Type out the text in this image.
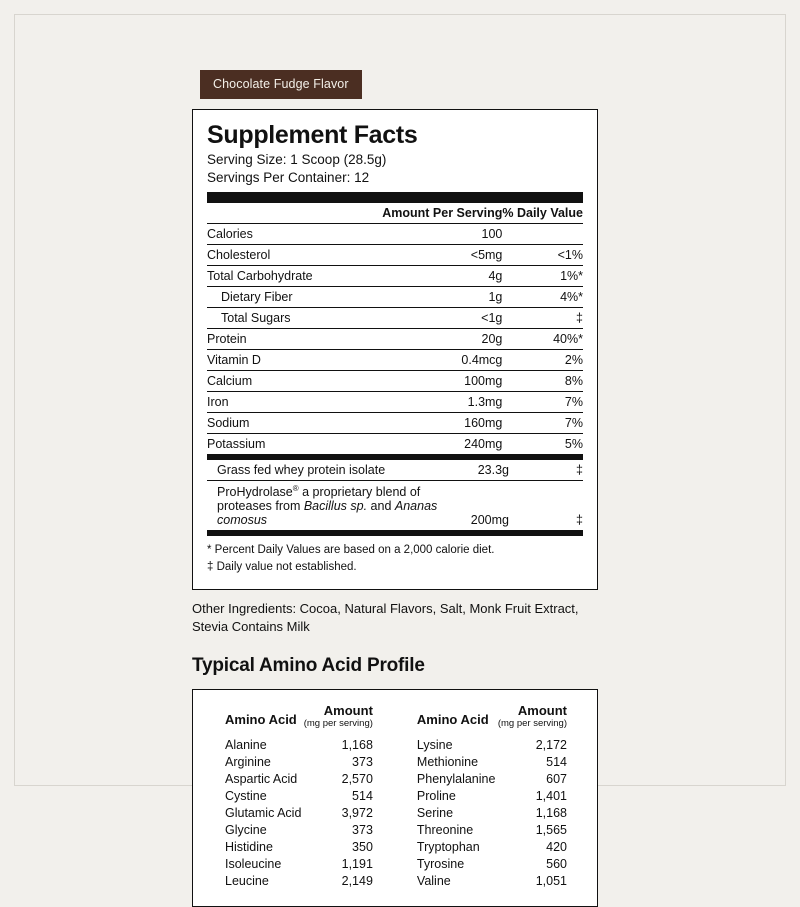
Chocolate Fudge Flavor
Supplement Facts
Serving Size: 1 Scoop (28.5g)
Servings Per Container: 12
	Amount Per Serving	% Daily Value
Calories	100	
Cholesterol	<5mg	<1%
Total Carbohydrate	4g	1%*
Dietary Fiber	1g	4%*
Total Sugars	<1g	‡
Protein	20g	40%*
Vitamin D	0.4mcg	2%
Calcium	100mg	8%
Iron	1.3mg	7%
Sodium	160mg	7%
Potassium	240mg	5%
Grass fed whey protein isolate	23.3g	‡
ProHydrolase® a proprietary blend of proteases from Bacillus sp. and Ananas comosus	200mg	‡
* Percent Daily Values are based on a 2,000 calorie diet.
‡ Daily value not established.
Other Ingredients: Cocoa, Natural Flavors, Salt, Monk Fruit Extract, Stevia Contains Milk
Typical Amino Acid Profile
Amino Acid	Amount
(mg per serving)		Amino Acid	Amount
(mg per serving)

Alanine	1,168		Lysine	2,172
Arginine	373		Methionine	514
Aspartic Acid	2,570		Phenylalanine	607
Cystine	514		Proline	1,401
Glutamic Acid	3,972		Serine	1,168
Glycine	373		Threonine	1,565
Histidine	350		Tryptophan	420
Isoleucine	1,191		Tyrosine	560
Leucine	2,149		Valine	1,051
